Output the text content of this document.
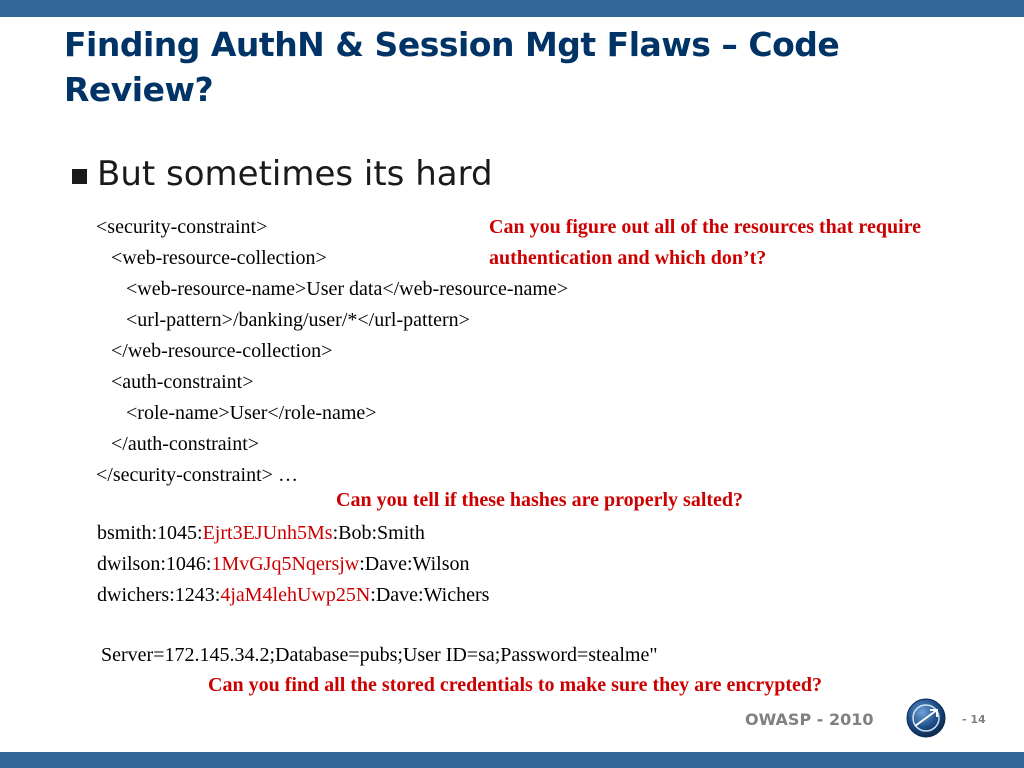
Finding AuthN & Session Mgt Flaws – Code Review?
But sometimes its hard
<security-constraint>
<web-resource-collection>
<web-resource-name>User data</web-resource-name>
<url-pattern>/banking/user/*</url-pattern>
</web-resource-collection>
<auth-constraint>
<role-name>User</role-name>
</auth-constraint>
</security-constraint> …
Can you figure out all of the resources that require authentication and which don’t?
Can you tell if these hashes are properly salted?
bsmith:1045:Ejrt3EJUnh5Ms:Bob:Smith
dwilson:1046:1MvGJq5Nqersjw:Dave:Wilson
dwichers:1243:4jaM4lehUwp25N:Dave:Wichers
Server=172.145.34.2;Database=pubs;User ID=sa;Password=stealme"
Can you find all the stored credentials to make sure they are encrypted?
OWASP - 2010	- 14
